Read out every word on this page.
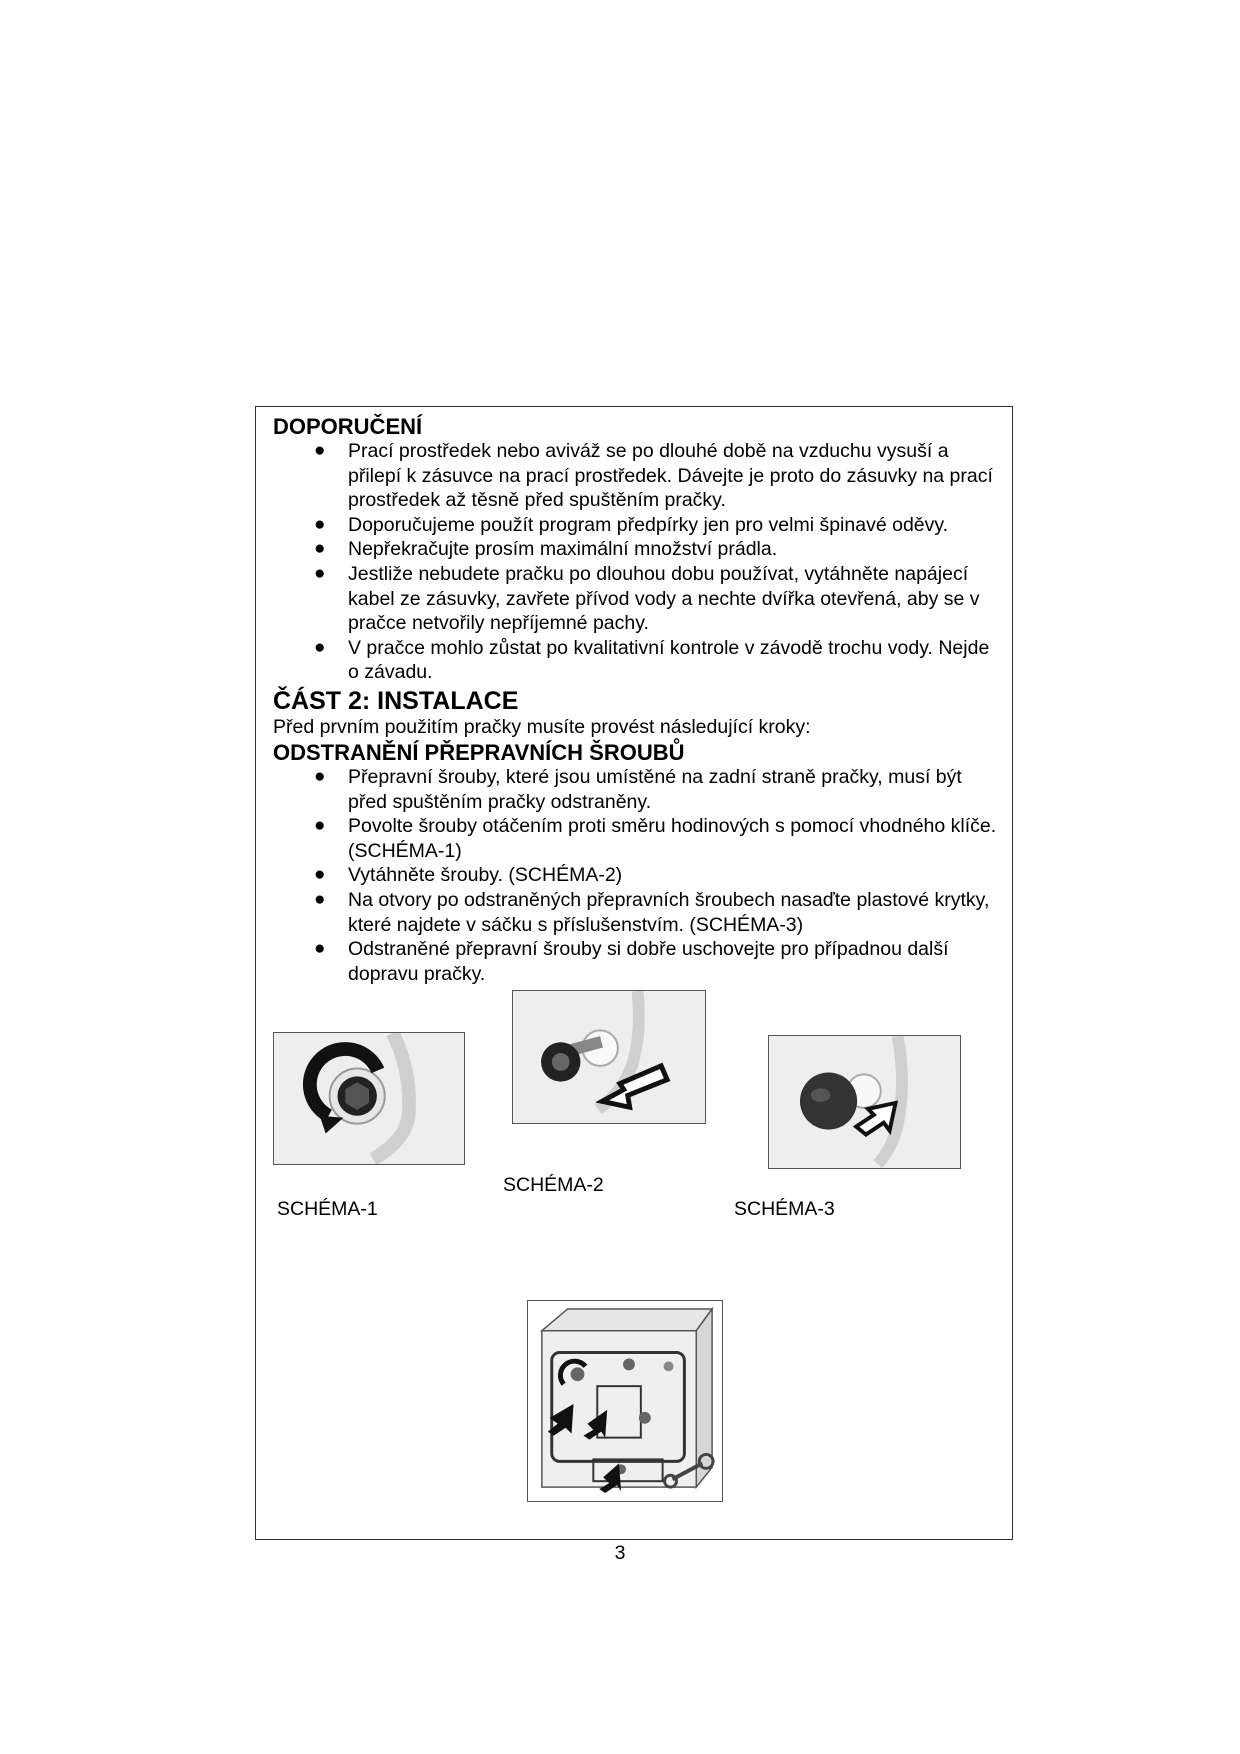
DOPORUČENÍ
● Prací prostředek nebo aviváž se po dlouhé době na vzduchu vysuší a přilepí k zásuvce na prací prostředek. Dávejte je proto do zásuvky na prací prostředek až těsně před spuštěním pračky.
● Doporučujeme použít program předpírky jen pro velmi špinavé oděvy.
● Nepřekračujte prosím maximální množství prádla.
● Jestliže nebudete pračku po dlouhou dobu používat, vytáhněte napájecí kabel ze zásuvky, zavřete přívod vody a nechte dvířka otevřená, aby se v pračce netvořily nepříjemné pachy.
● V pračce mohlo zůstat po kvalitativní kontrole v závodě trochu vody. Nejde o závadu.
ČÁST 2: INSTALACE

Před prvním použitím pračky musíte provést následující kroky:

ODSTRANĚNÍ PŘEPRAVNÍCH ŠROUBŮ
● Přepravní šrouby, které jsou umístěné na zadní straně pračky, musí být před spuštěním pračky odstraněny.
● Povolte šrouby otáčením proti směru hodinových s pomocí vhodného klíče. (SCHÉMA-1)
● Vytáhněte šrouby. (SCHÉMA-2)
● Na otvory po odstraněných přepravních šroubech nasaďte plastové krytky, které najdete v sáčku s příslušenstvím. (SCHÉMA-3)
● Odstraněné přepravní šrouby si dobře uschovejte pro případnou další dopravu pračky.
SCHÉMA-1
SCHÉMA-2
SCHÉMA-3
3
